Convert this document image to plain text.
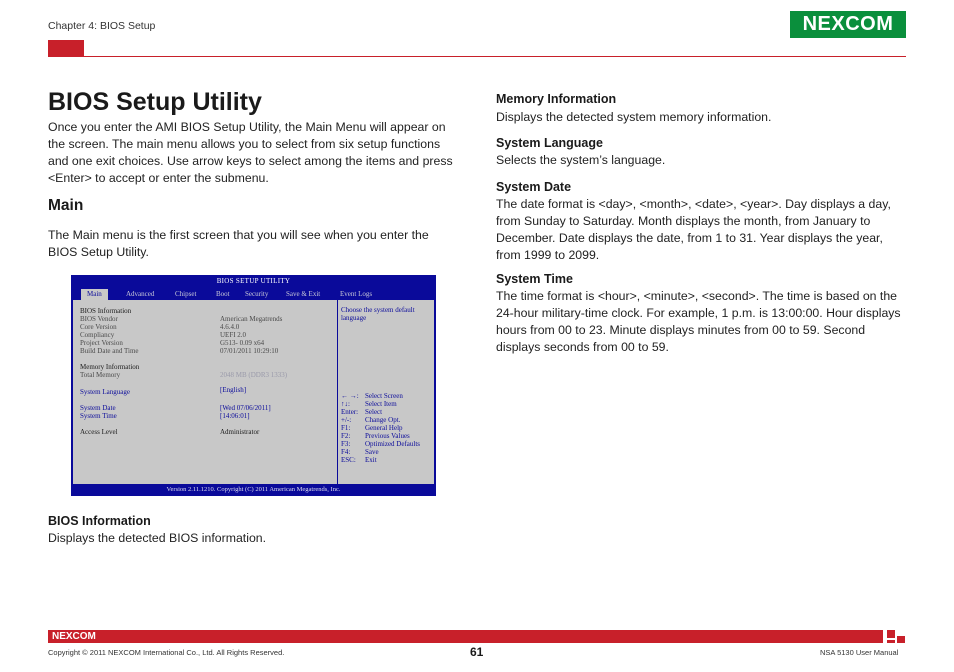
Chapter 4: BIOS Setup	NEXCOM
BIOS Setup Utility
Once you enter the AMI BIOS Setup Utility, the Main Menu will appear on the screen. The main menu allows you to select from six setup functions and one exit choices. Use arrow keys to select among the items and press <Enter> to accept or enter the submenu.
Main
The Main menu is the first screen that you will see when you enter the BIOS Setup Utility.
BIOS SETUP UTILITY
Main	Advanced	Chipset	Boot Security	Save & Exit	Event Logs
BIOS Information
BIOS Vendor	American Megatrends
Core Version	4.6.4.0
Compliancy	UEFI 2.0
Project Version	G513- 0.09 x64
Build Date and Time	07/01/2011 10:29:10
Memory Information
Total Memory	2048 MB (DDR3 1333)
System Language	[English]
System Date	[Wed 07/06/2011]
System Time	[14:06:01]
Access Level	Administrator
Choose the system default language
← →: Select Screen
↑↓: Select Item
Enter: Select
+/-: Change Opt.
F1: General Help
F2: Previous Values
F3: Optimized Defaults
F4: Save
ESC: Exit
Version 2.11.1210. Copyright (C) 2011 American Megatrends, Inc.
BIOS Information
Displays the detected BIOS information.
Memory Information
Displays the detected system memory information.
System Language
Selects the system’s language.
System Date
The date format is <day>, <month>, <date>, <year>. Day displays a day, from Sunday to Saturday. Month displays the month, from January to December. Date displays the date, from 1 to 31. Year displays the year, from 1999 to 2099.
System Time
The time format is <hour>, <minute>, <second>. The time is based on the 24-hour military-time clock. For example, 1 p.m. is 13:00:00. Hour displays hours from 00 to 23. Minute displays minutes from 00 to 59. Second displays seconds from 00 to 59.
NEXCOM
Copyright © 2011 NEXCOM International Co., Ltd. All Rights Reserved.	61	NSA 5130 User Manual
